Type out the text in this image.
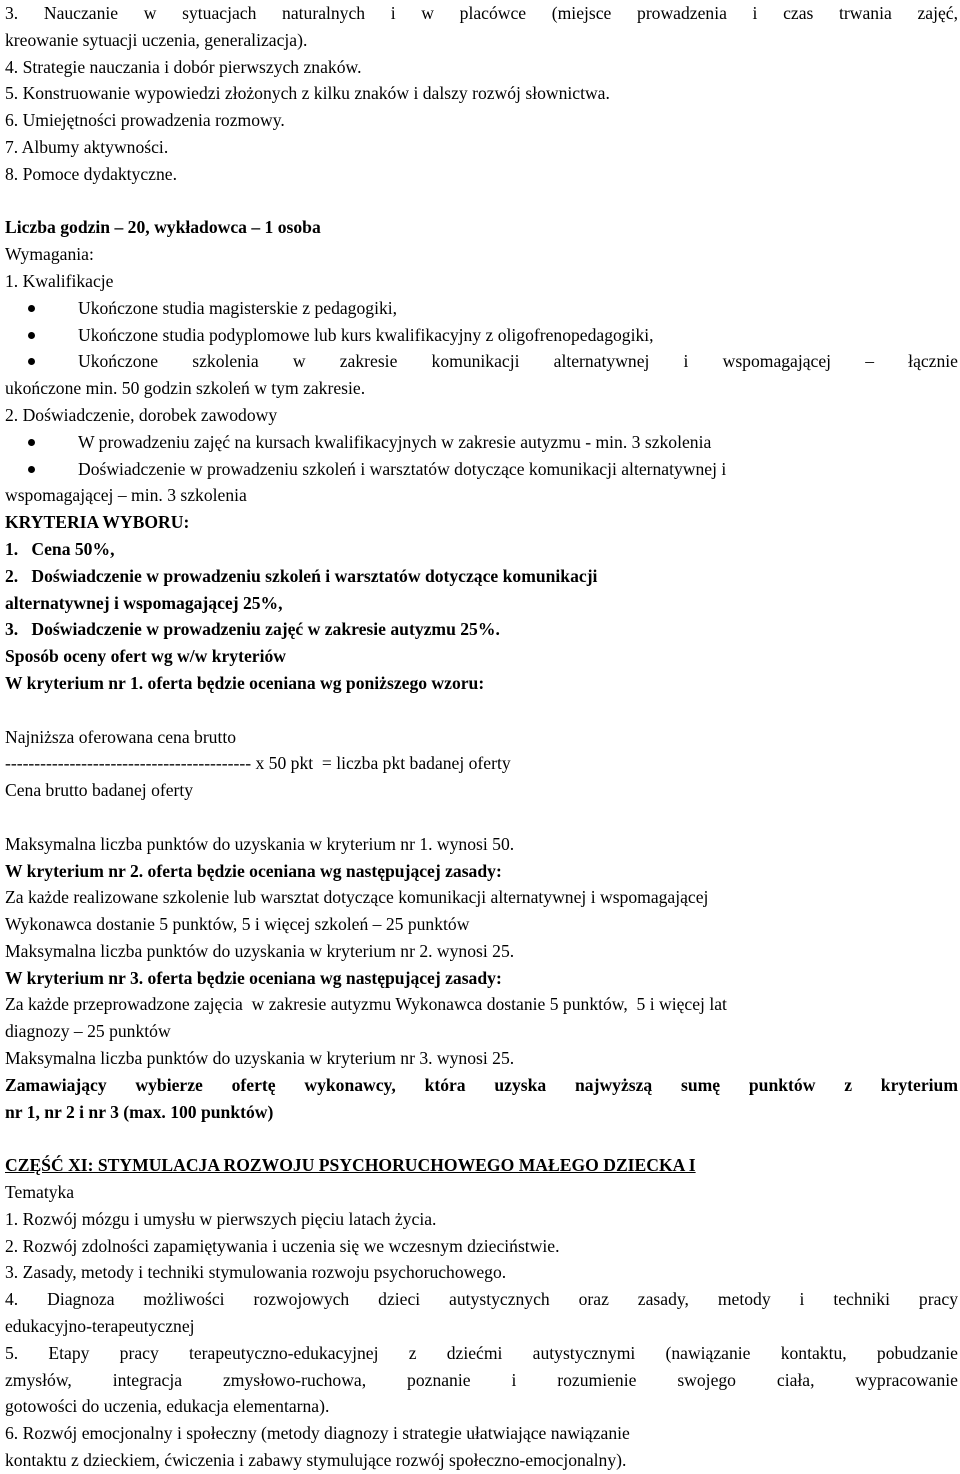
3. Nauczanie w sytuacjach naturalnych i w placówce (miejsce prowadzenia i czas trwania zajęć,
kreowanie sytuacji uczenia, generalizacja).
4. Strategie nauczania i dobór pierwszych znaków.
5. Konstruowanie wypowiedzi złożonych z kilku znaków i dalszy rozwój słownictwa.
6. Umiejętności prowadzenia rozmowy.
7. Albumy aktywności.
8. Pomoce dydaktyczne.
Liczba godzin – 20, wykładowca – 1 osoba
Wymagania:
1. Kwalifikacje
Ukończone studia magisterskie z pedagogiki,
Ukończone studia podyplomowe lub kurs kwalifikacyjny z oligofrenopedagogiki,
Ukończone szkolenia w zakresie komunikacji alternatywnej i wspomagającej – łącznie
ukończone min. 50 godzin szkoleń w tym zakresie.
2. Doświadczenie, dorobek zawodowy
W prowadzeniu zajęć na kursach kwalifikacyjnych w zakresie autyzmu - min. 3 szkolenia
Doświadczenie w prowadzeniu szkoleń i warsztatów dotyczące komunikacji alternatywnej i
wspomagającej – min. 3 szkolenia
KRYTERIA WYBORU:
1.   Cena 50%,
2.   Doświadczenie w prowadzeniu szkoleń i warsztatów dotyczące komunikacji
alternatywnej i wspomagającej 25%,
3.   Doświadczenie w prowadzeniu zajęć w zakresie autyzmu 25%.
Sposób oceny ofert wg w/w kryteriów
W kryterium nr 1. oferta będzie oceniana wg poniższego wzoru:
Najniższa oferowana cena brutto
------------------------------------------ x 50 pkt  = liczba pkt badanej oferty
Cena brutto badanej oferty
Maksymalna liczba punktów do uzyskania w kryterium nr 1. wynosi 50.
W kryterium nr 2. oferta będzie oceniana wg następującej zasady:
Za każde realizowane szkolenie lub warsztat dotyczące komunikacji alternatywnej i wspomagającej
Wykonawca dostanie 5 punktów, 5 i więcej szkoleń – 25 punktów
Maksymalna liczba punktów do uzyskania w kryterium nr 2. wynosi 25.
W kryterium nr 3. oferta będzie oceniana wg następującej zasady:
Za każde przeprowadzone zajęcia  w zakresie autyzmu Wykonawca dostanie 5 punktów,  5 i więcej lat
diagnozy – 25 punktów
Maksymalna liczba punktów do uzyskania w kryterium nr 3. wynosi 25.
Zamawiający wybierze ofertę wykonawcy, która uzyska najwyższą sumę punktów z kryterium
nr 1, nr 2 i nr 3 (max. 100 punktów)
CZĘŚĆ XI: STYMULACJA ROZWOJU PSYCHORUCHOWEGO MAŁEGO DZIECKA I
Tematyka
1. Rozwój mózgu i umysłu w pierwszych pięciu latach życia.
2. Rozwój zdolności zapamiętywania i uczenia się we wczesnym dzieciństwie.
3. Zasady, metody i techniki stymulowania rozwoju psychoruchowego.
4. Diagnoza możliwości rozwojowych dzieci autystycznych oraz zasady, metody i techniki pracy
edukacyjno-terapeutycznej
5. Etapy pracy terapeutyczno-edukacyjnej z dziećmi autystycznymi (nawiązanie kontaktu, pobudzanie
zmysłów, integracja zmysłowo-ruchowa, poznanie i rozumienie swojego ciała, wypracowanie
gotowości do uczenia, edukacja elementarna).
6. Rozwój emocjonalny i społeczny (metody diagnozy i strategie ułatwiające nawiązanie
kontaktu z dzieckiem, ćwiczenia i zabawy stymulujące rozwój społeczno-emocjonalny).
